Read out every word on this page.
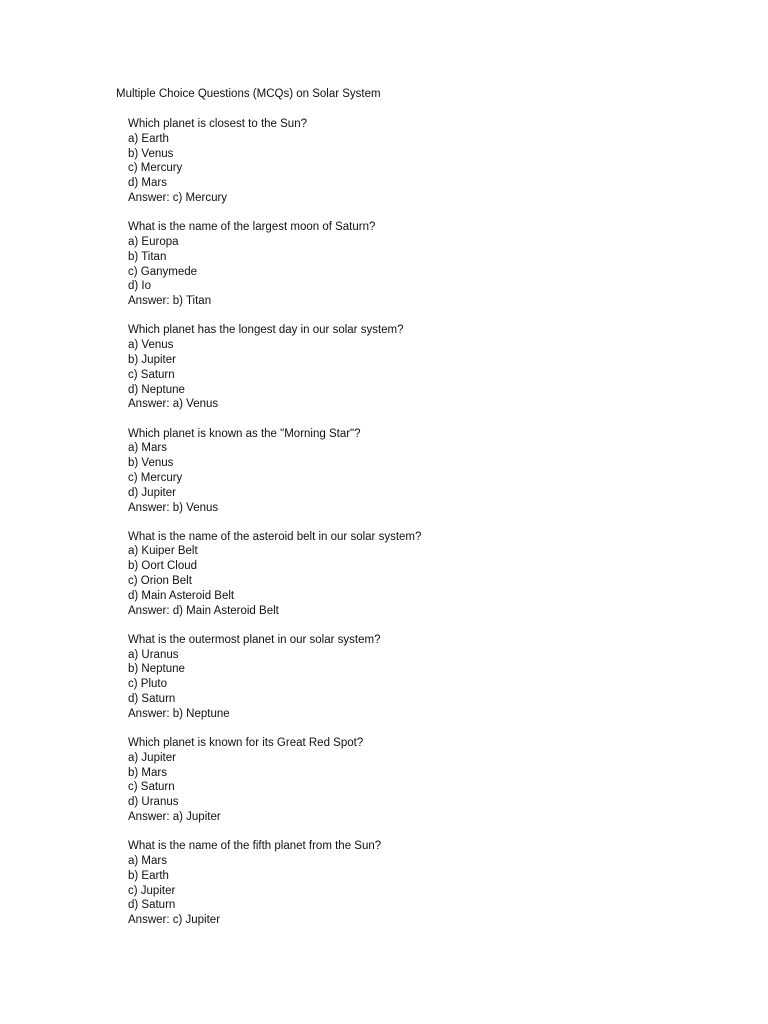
Multiple Choice Questions (MCQs) on Solar System
Which planet is closest to the Sun?
a) Earth
b) Venus
c) Mercury
d) Mars
Answer: c) Mercury
What is the name of the largest moon of Saturn?
a) Europa
b) Titan
c) Ganymede
d) Io
Answer: b) Titan
Which planet has the longest day in our solar system?
a) Venus
b) Jupiter
c) Saturn
d) Neptune
Answer: a) Venus
Which planet is known as the "Morning Star"?
a) Mars
b) Venus
c) Mercury
d) Jupiter
Answer: b) Venus
What is the name of the asteroid belt in our solar system?
a) Kuiper Belt
b) Oort Cloud
c) Orion Belt
d) Main Asteroid Belt
Answer: d) Main Asteroid Belt
What is the outermost planet in our solar system?
a) Uranus
b) Neptune
c) Pluto
d) Saturn
Answer: b) Neptune
Which planet is known for its Great Red Spot?
a) Jupiter
b) Mars
c) Saturn
d) Uranus
Answer: a) Jupiter
What is the name of the fifth planet from the Sun?
a) Mars
b) Earth
c) Jupiter
d) Saturn
Answer: c) Jupiter
